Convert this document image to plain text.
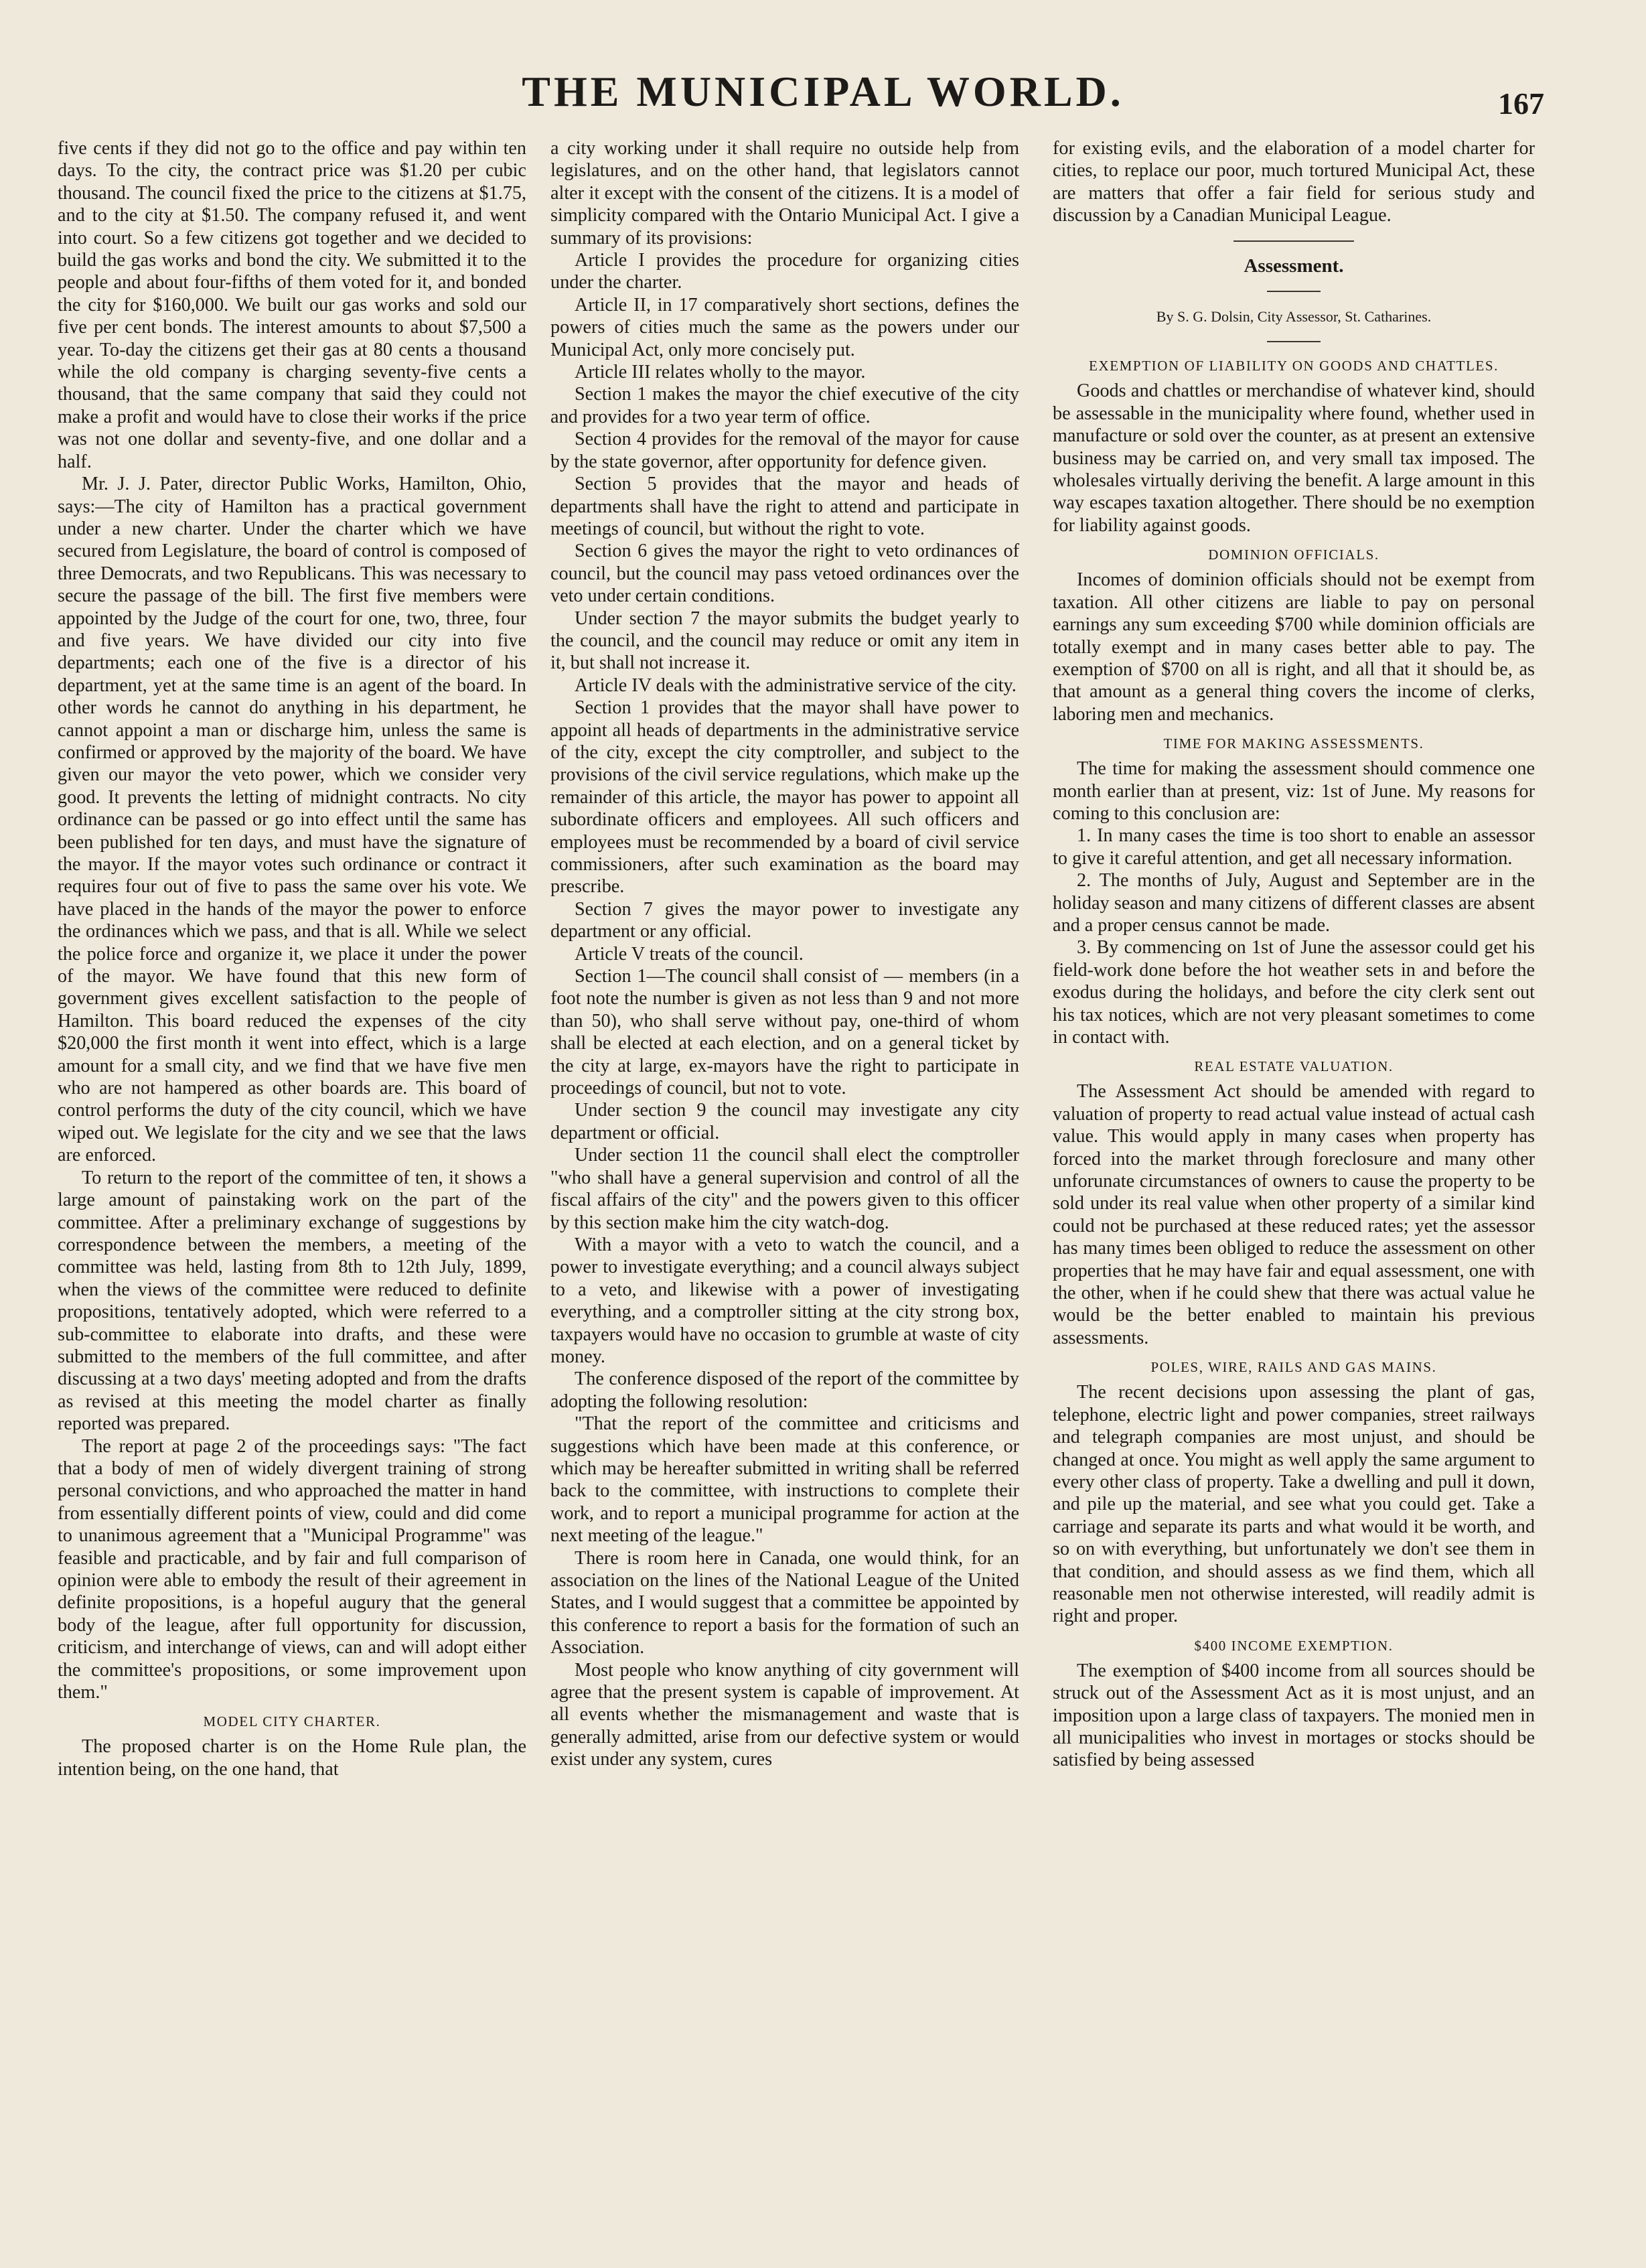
THE MUNICIPAL WORLD.	167

five cents if they did not go to the office and pay within ten days. To the city, the contract price was $1.20 per cubic thousand. The council fixed the price to the citizens at $1.75, and to the city at $1.50. The company refused it, and went into court. So a few citizens got together and we decided to build the gas works and bond the city. We submitted it to the people and about four-fifths of them voted for it, and bonded the city for $160,000. We built our gas works and sold our five per cent bonds. The interest amounts to about $7,500 a year. To-day the citizens get their gas at 80 cents a thousand while the old company is charging seventy-five cents a thousand, that the same company that said they could not make a profit and would have to close their works if the price was not one dollar and seventy-five, and one dollar and a half.

Mr. J. J. Pater, director Public Works, Hamilton, Ohio, says:—The city of Hamilton has a practical government under a new charter. Under the charter which we have secured from Legislature, the board of control is composed of three Democrats, and two Republicans. This was necessary to secure the passage of the bill. The first five members were appointed by the Judge of the court for one, two, three, four and five years. We have divided our city into five departments; each one of the five is a director of his department, yet at the same time is an agent of the board. In other words he cannot do anything in his department, he cannot appoint a man or discharge him, unless the same is confirmed or approved by the majority of the board. We have given our mayor the veto power, which we consider very good. It prevents the letting of midnight contracts. No city ordinance can be passed or go into effect until the same has been published for ten days, and must have the signature of the mayor. If the mayor votes such ordinance or contract it requires four out of five to pass the same over his vote. We have placed in the hands of the mayor the power to enforce the ordinances which we pass, and that is all. While we select the police force and organize it, we place it under the power of the mayor. We have found that this new form of government gives excellent satisfaction to the people of Hamilton. This board reduced the expenses of the city $20,000 the first month it went into effect, which is a large amount for a small city, and we find that we have five men who are not hampered as other boards are. This board of control performs the duty of the city council, which we have wiped out. We legislate for the city and we see that the laws are enforced.

To return to the report of the committee of ten, it shows a large amount of painstaking work on the part of the committee. After a preliminary exchange of suggestions by correspondence between the members, a meeting of the committee was held, lasting from 8th to 12th July, 1899, when the views of the committee were reduced to definite propositions, tentatively adopted, which were referred to a sub-committee to elaborate into drafts, and these were submitted to the members of the full committee, and after discussing at a two days' meeting adopted and from the drafts as revised at this meeting the model charter as finally reported was prepared.

The report at page 2 of the proceedings says: "The fact that a body of men of widely divergent training of strong personal convictions, and who approached the matter in hand from essentially different points of view, could and did come to unanimous agreement that a "Municipal Programme" was feasible and practicable, and by fair and full comparison of opinion were able to embody the result of their agreement in definite propositions, is a hopeful augury that the general body of the league, after full opportunity for discussion, criticism, and interchange of views, can and will adopt either the committee's propositions, or some improvement upon them."

MODEL CITY CHARTER.

The proposed charter is on the Home Rule plan, the intention being, on the one hand, that

a city working under it shall require no outside help from legislatures, and on the other hand, that legislators cannot alter it except with the consent of the citizens. It is a model of simplicity compared with the Ontario Municipal Act. I give a summary of its provisions:

Article I provides the procedure for organizing cities under the charter.

Article II, in 17 comparatively short sections, defines the powers of cities much the same as the powers under our Municipal Act, only more concisely put.

Article III relates wholly to the mayor.

Section 1 makes the mayor the chief executive of the city and provides for a two year term of office.

Section 4 provides for the removal of the mayor for cause by the state governor, after opportunity for defence given.

Section 5 provides that the mayor and heads of departments shall have the right to attend and participate in meetings of council, but without the right to vote.

Section 6 gives the mayor the right to veto ordinances of council, but the council may pass vetoed ordinances over the veto under certain conditions.

Under section 7 the mayor submits the budget yearly to the council, and the council may reduce or omit any item in it, but shall not increase it.

Article IV deals with the administrative service of the city.

Section 1 provides that the mayor shall have power to appoint all heads of departments in the administrative service of the city, except the city comptroller, and subject to the provisions of the civil service regulations, which make up the remainder of this article, the mayor has power to appoint all subordinate officers and employees. All such officers and employees must be recommended by a board of civil service commissioners, after such examination as the board may prescribe.

Section 7 gives the mayor power to investigate any department or any official.

Article V treats of the council.

Section 1—The council shall consist of — members (in a foot note the number is given as not less than 9 and not more than 50), who shall serve without pay, one-third of whom shall be elected at each election, and on a general ticket by the city at large, ex-mayors have the right to participate in proceedings of council, but not to vote.

Under section 9 the council may investigate any city department or official.

Under section 11 the council shall elect the comptroller "who shall have a general supervision and control of all the fiscal affairs of the city" and the powers given to this officer by this section make him the city watch-dog.

With a mayor with a veto to watch the council, and a power to investigate everything; and a council always subject to a veto, and likewise with a power of investigating everything, and a comptroller sitting at the city strong box, taxpayers would have no occasion to grumble at waste of city money.

The conference disposed of the report of the committee by adopting the following resolution:

"That the report of the committee and criticisms and suggestions which have been made at this conference, or which may be hereafter submitted in writing shall be referred back to the committee, with instructions to complete their work, and to report a municipal programme for action at the next meeting of the league."

There is room here in Canada, one would think, for an association on the lines of the National League of the United States, and I would suggest that a committee be appointed by this conference to report a basis for the formation of such an Association.

Most people who know anything of city government will agree that the present system is capable of improvement. At all events whether the mismanagement and waste that is generally admitted, arise from our defective system or would exist under any system, cures

for existing evils, and the elaboration of a model charter for cities, to replace our poor, much tortured Municipal Act, these are matters that offer a fair field for serious study and discussion by a Canadian Municipal League.

Assessment.
By S. G. Dolsin, City Assessor, St. Catharines.
EXEMPTION OF LIABILITY ON GOODS AND CHATTLES.

Goods and chattles or merchandise of whatever kind, should be assessable in the municipality where found, whether used in manufacture or sold over the counter, as at present an extensive business may be carried on, and very small tax imposed. The wholesales virtually deriving the benefit. A large amount in this way escapes taxation altogether. There should be no exemption for liability against goods.

DOMINION OFFICIALS.

Incomes of dominion officials should not be exempt from taxation. All other citizens are liable to pay on personal earnings any sum exceeding $700 while dominion officials are totally exempt and in many cases better able to pay. The exemption of $700 on all is right, and all that it should be, as that amount as a general thing covers the income of clerks, laboring men and mechanics.

TIME FOR MAKING ASSESSMENTS.

The time for making the assessment should commence one month earlier than at present, viz: 1st of June. My reasons for coming to this conclusion are:

1. In many cases the time is too short to enable an assessor to give it careful attention, and get all necessary information.

2. The months of July, August and September are in the holiday season and many citizens of different classes are absent and a proper census cannot be made.

3. By commencing on 1st of June the assessor could get his field-work done before the hot weather sets in and before the exodus during the holidays, and before the city clerk sent out his tax notices, which are not very pleasant sometimes to come in contact with.

REAL ESTATE VALUATION.

The Assessment Act should be amended with regard to valuation of property to read actual value instead of actual cash value. This would apply in many cases when property has forced into the market through foreclosure and many other unforunate circumstances of owners to cause the property to be sold under its real value when other property of a similar kind could not be purchased at these reduced rates; yet the assessor has many times been obliged to reduce the assessment on other properties that he may have fair and equal assessment, one with the other, when if he could shew that there was actual value he would be the better enabled to maintain his previous assessments.

POLES, WIRE, RAILS AND GAS MAINS.

The recent decisions upon assessing the plant of gas, telephone, electric light and power companies, street railways and telegraph companies are most unjust, and should be changed at once. You might as well apply the same argument to every other class of property. Take a dwelling and pull it down, and pile up the material, and see what you could get. Take a carriage and separate its parts and what would it be worth, and so on with everything, but unfortunately we don't see them in that condition, and should assess as we find them, which all reasonable men not otherwise interested, will readily admit is right and proper.

$400 INCOME EXEMPTION.

The exemption of $400 income from all sources should be struck out of the Assessment Act as it is most unjust, and an imposition upon a large class of taxpayers. The monied men in all municipalities who invest in mortages or stocks should be satisfied by being assessed
